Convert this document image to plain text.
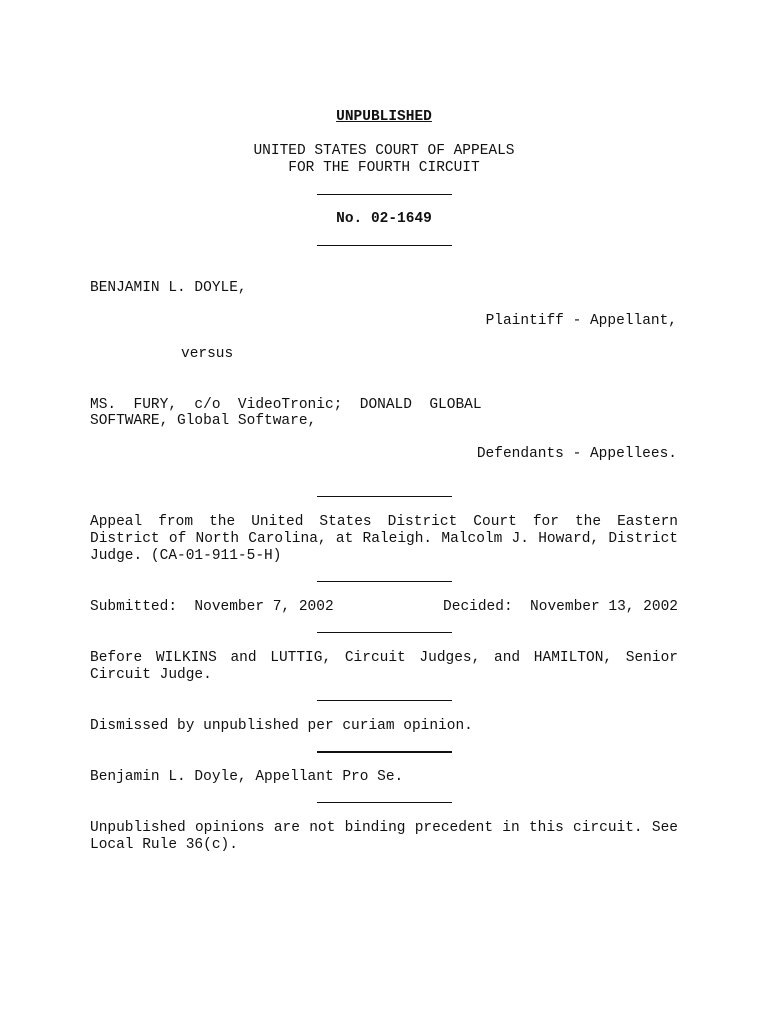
UNPUBLISHED
UNITED STATES COURT OF APPEALS
FOR THE FOURTH CIRCUIT
No. 02-1649
BENJAMIN L. DOYLE,
Plaintiff - Appellant,
versus
MS.  FURY,  c/o  VideoTronic;  DONALD  GLOBAL
SOFTWARE, Global Software,
Defendants - Appellees.
Appeal from the United States District Court for the Eastern District of North Carolina, at Raleigh. Malcolm J. Howard, District Judge. (CA-01-911-5-H)
Submitted:  November 7, 2002	Decided:  November 13, 2002
Before WILKINS and LUTTIG, Circuit Judges, and HAMILTON, Senior Circuit Judge.
Dismissed by unpublished per curiam opinion.
Benjamin L. Doyle, Appellant Pro Se.
Unpublished opinions are not binding precedent in this circuit. See Local Rule 36(c).
